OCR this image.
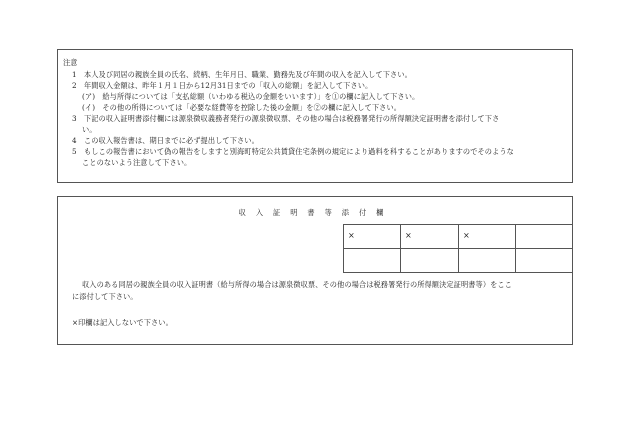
注意
1　本人及び同居の親族全員の氏名、続柄、生年月日、職業、勤務先及び年間の収入を記入して下さい。
2　年間収入金額は、昨年１月１日から12月31日までの「収入の総額」を記入して下さい。
(ア)　給与所得については「支払総額（いわゆる税込の金額をいいます）」を①の欄に記入して下さい。
(イ)　その他の所得については「必要な経費等を控除した後の金額」を②の欄に記入して下さい。
3　下記の収入証明書添付欄には源泉徴収義務者発行の源泉徴収票、その他の場合は税務署発行の所得額決定証明書を添付して下さ
い。
4　この収入報告書は、期日までに必ず提出して下さい。
5　もしこの報告書において偽の報告をしますと別海町特定公共賃貸住宅条例の規定により過料を科することがありますのでそのような
ことのないよう注意して下さい。
収入証明書等添付欄
×	×	×
収入のある同居の親族全員の収入証明書（給与所得の場合は源泉徴収票、その他の場合は税務署発行の所得額決定証明書等）をここ
に添付して下さい。
×印欄は記入しないで下さい。
